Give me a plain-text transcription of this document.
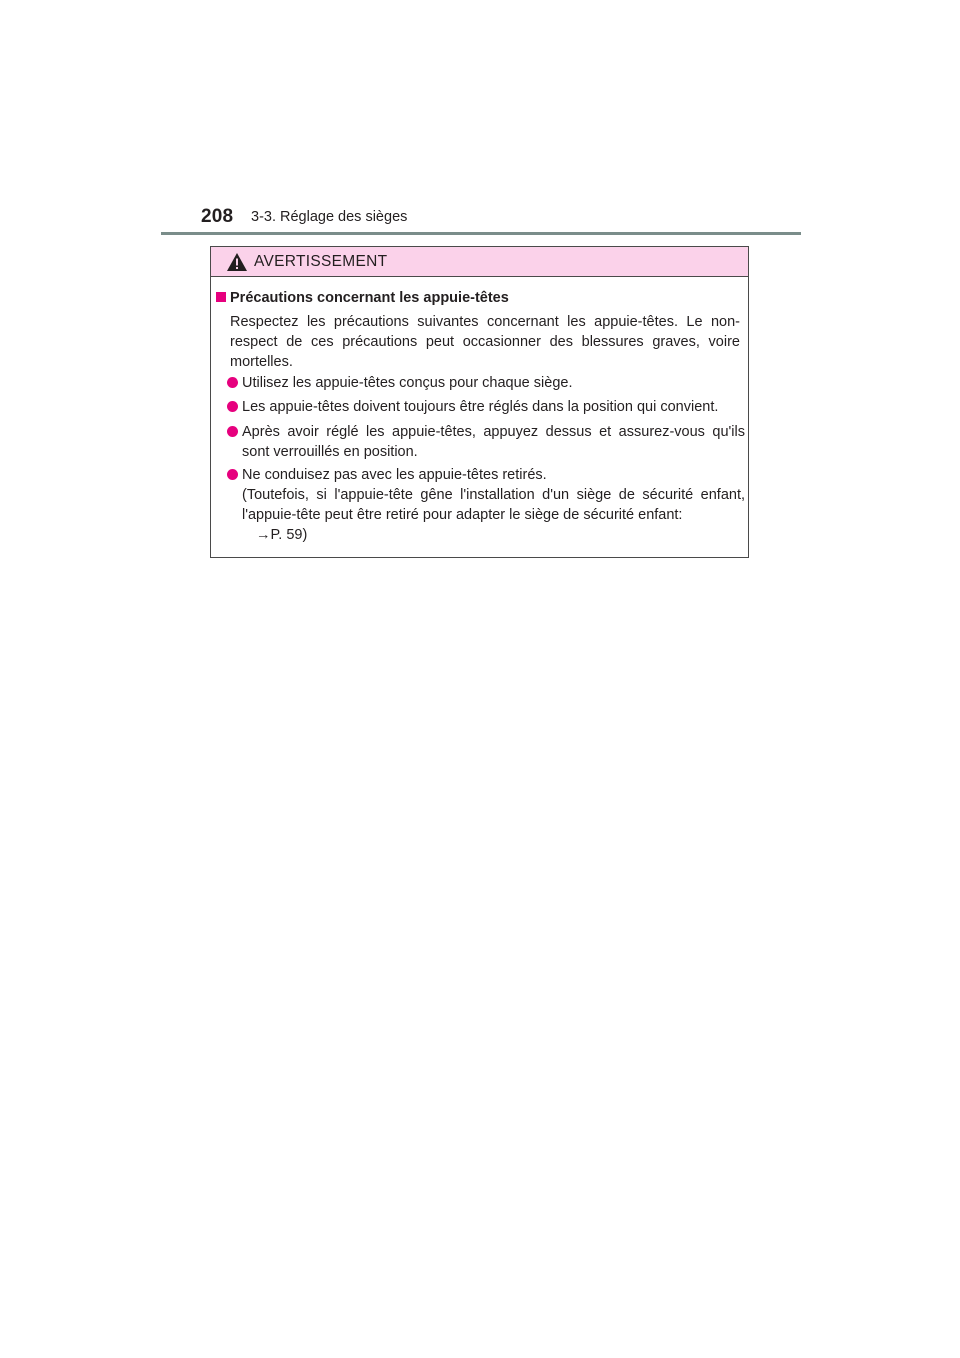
208 3-3. Réglage des sièges
AVERTISSEMENT
Précautions concernant les appuie-têtes
Respectez les précautions suivantes concernant les appuie-têtes. Le non-
respect de ces précautions peut occasionner des blessures graves, voire
mortelles.
Utilisez les appuie-têtes conçus pour chaque siège.
Les appuie-têtes doivent toujours être réglés dans la position qui convient.
Après avoir réglé les appuie-têtes, appuyez dessus et assurez-vous qu'ils
sont verrouillés en position.
Ne conduisez pas avec les appuie-têtes retirés.
(Toutefois, si l'appuie-tête gêne l'installation d'un siège de sécurité enfant,
l'appuie-tête peut être retiré pour adapter le siège de sécurité enfant:
→P. 59)
